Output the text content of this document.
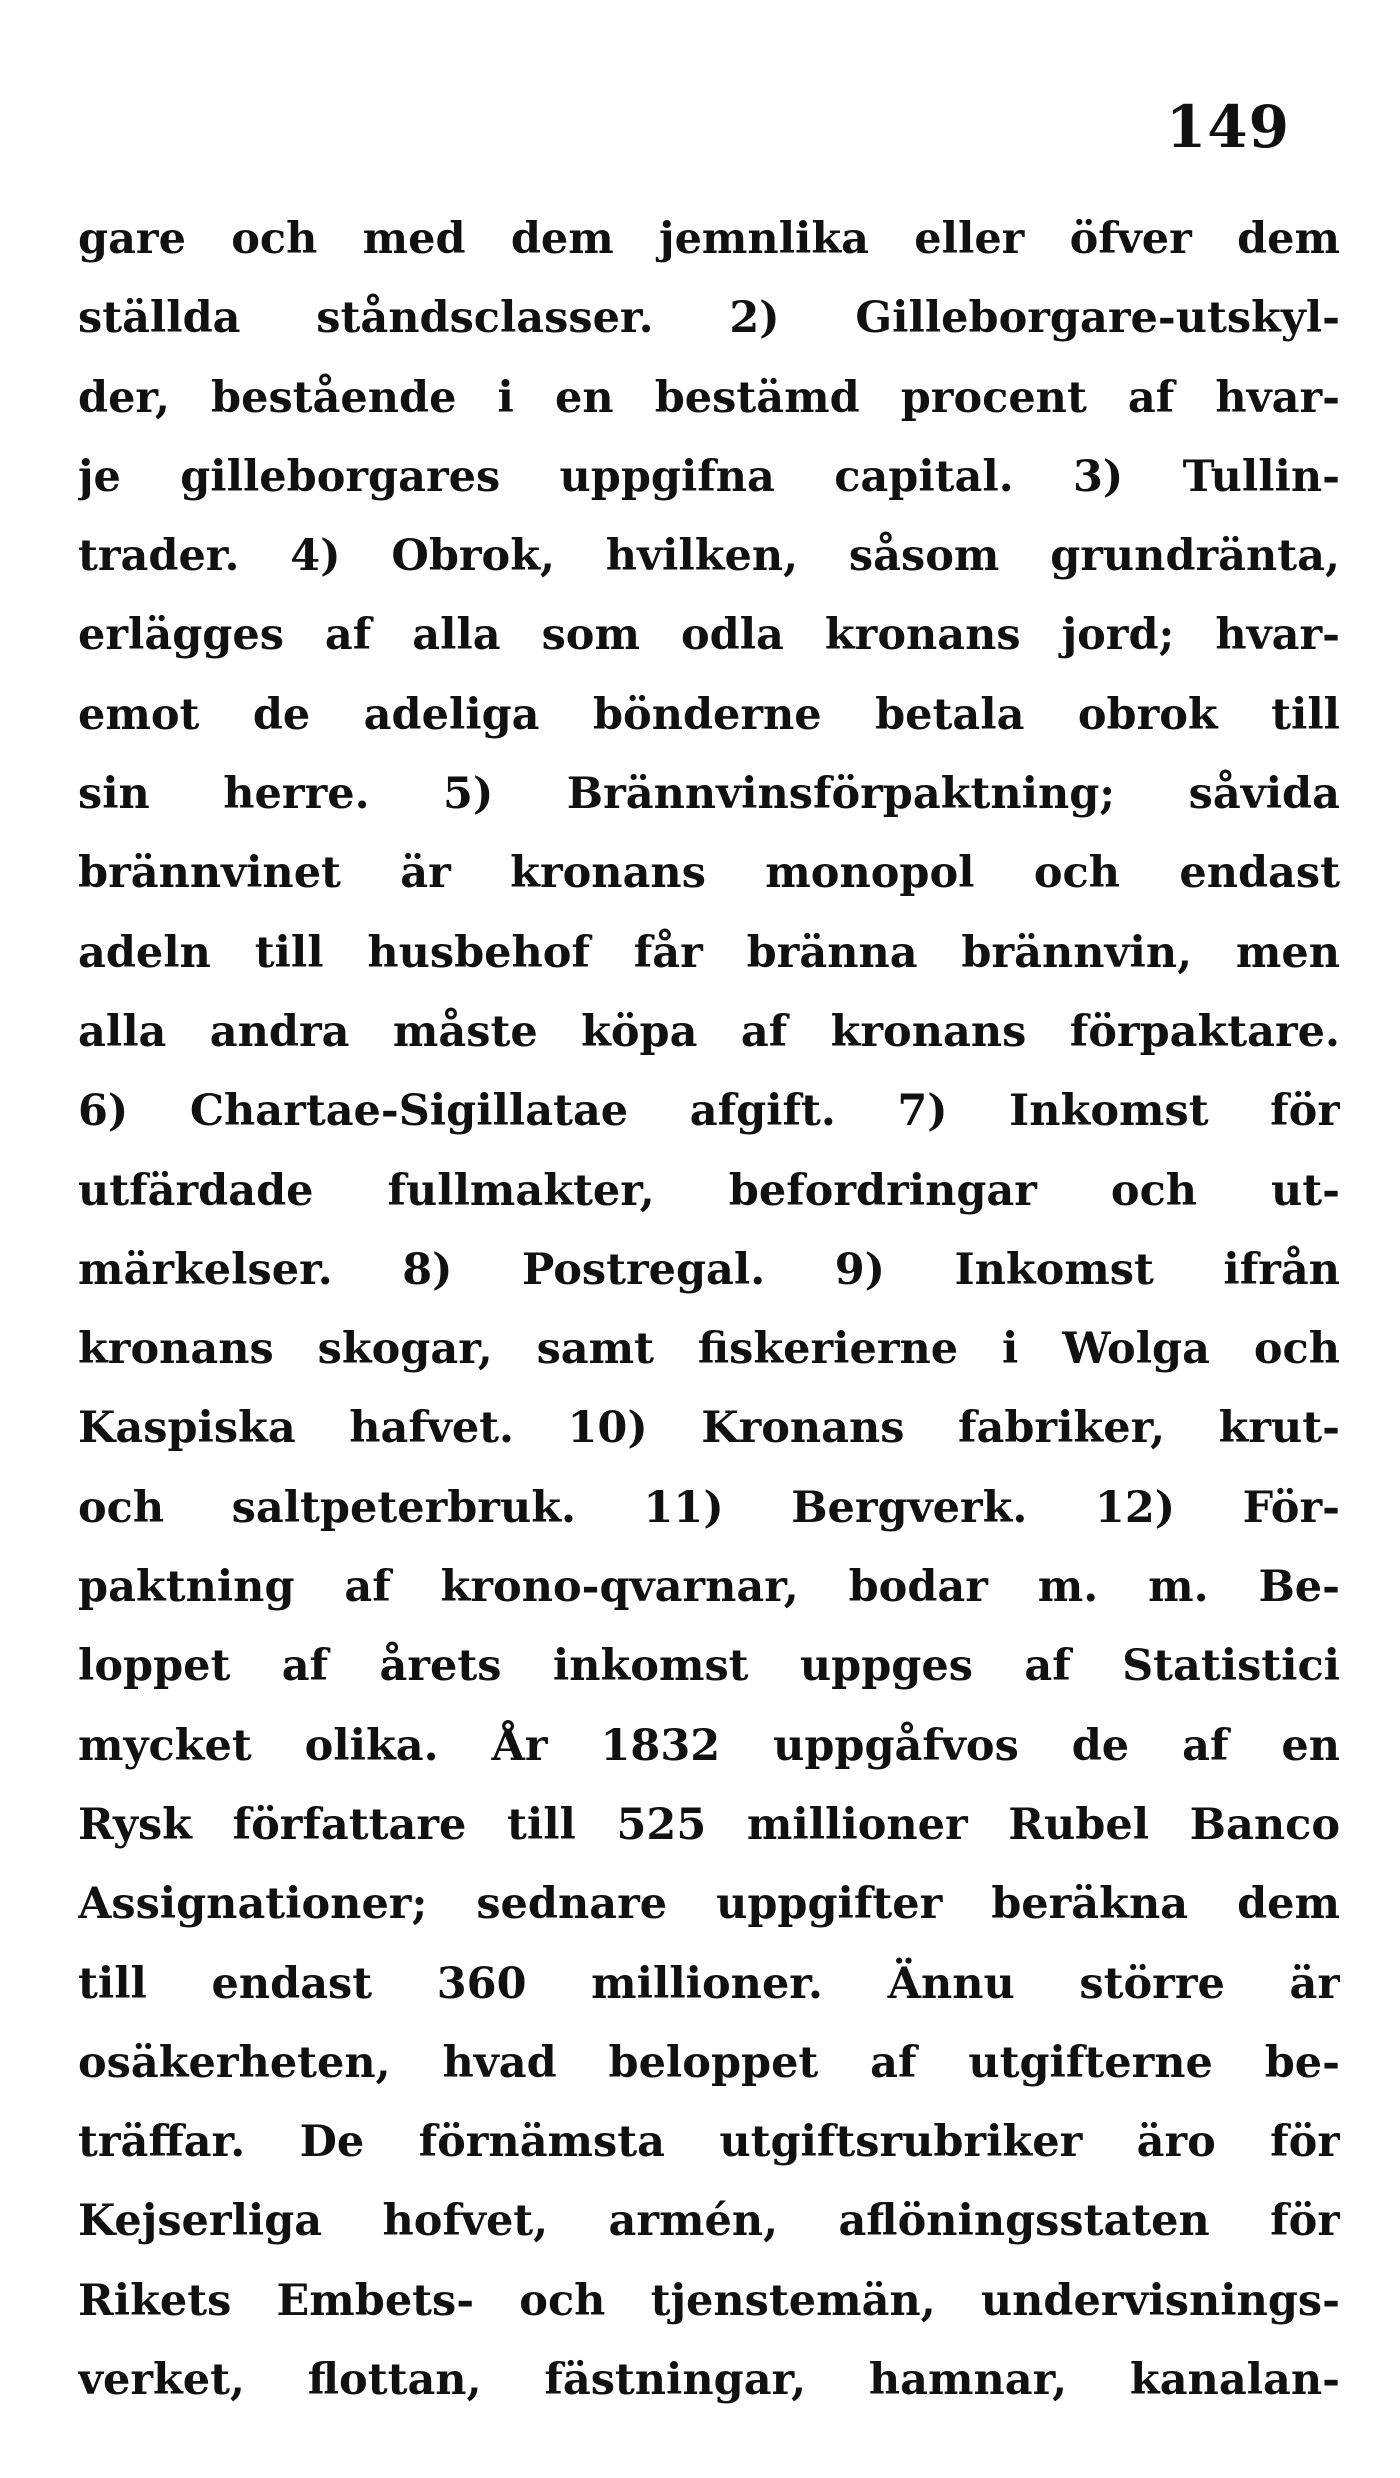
149
gare och med dem jemnlika eller öfver dem
ställda ståndsclasser. 2) Gilleborgare-utskyl-
der, bestående i en bestämd procent af hvar-
je gilleborgares uppgifna capital. 3) Tullin-
trader. 4) Obrok, hvilken, såsom grundränta,
erlägges af alla som odla kronans jord; hvar-
emot de adeliga bönderne betala obrok till
sin herre. 5) Brännvinsförpaktning; såvida
brännvinet är kronans monopol och endast
adeln till husbehof får bränna brännvin, men
alla andra måste köpa af kronans förpaktare.
6) Chartae-Sigillatae afgift. 7) Inkomst för
utfärdade fullmakter, befordringar och ut-
märkelser. 8) Postregal. 9) Inkomst ifrån
kronans skogar, samt fiskerierne i Wolga och
Kaspiska hafvet. 10) Kronans fabriker, krut-
och saltpeterbruk. 11) Bergverk. 12) För-
paktning af krono-qvarnar, bodar m. m. Be-
loppet af årets inkomst uppges af Statistici
mycket olika. År 1832 uppgåfvos de af en
Rysk författare till 525 millioner Rubel Banco
Assignationer; sednare uppgifter beräkna dem
till endast 360 millioner. Ännu större är
osäkerheten, hvad beloppet af utgifterne be-
träffar. De förnämsta utgiftsrubriker äro för
Kejserliga hofvet, armén, aflöningsstaten för
Rikets Embets- och tjenstemän, undervisnings-
verket, flottan, fästningar, hamnar, kanalan-
